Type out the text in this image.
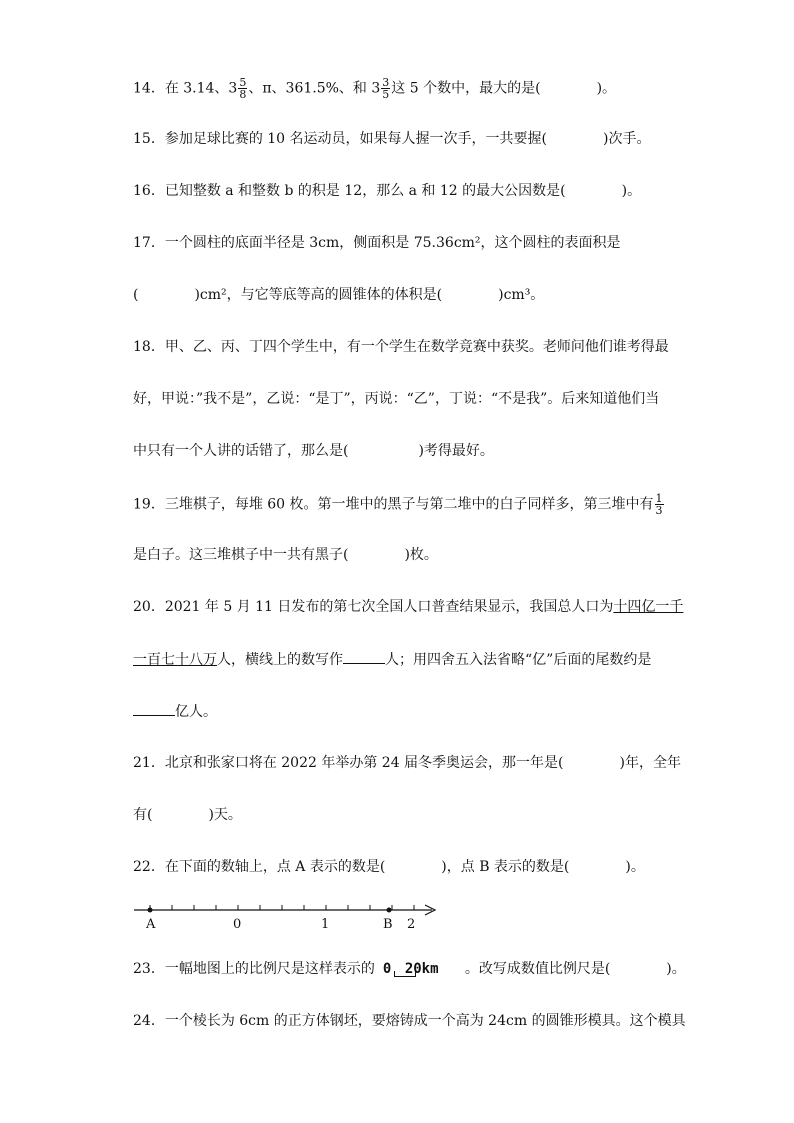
14．在 3.14、$3 \frac{5}{8}$ 、π、361.5%、和 $3 \frac{3}{5}$ 这 5 个数中，最大的是(　　　　)。
15．参加足球比赛的 10 名运动员，如果每人握一次手，一共要握(　　　　)次手。
16．已知整数 a 和整数 b 的积是 12，那么 a 和 12 的最大公因数是(　　　　)。
17．一个圆柱的底面半径是 3cm，侧面积是 75.36cm²，这个圆柱的表面积是
(　　　　)cm²，与它等底等高的圆锥体的体积是(　　　　)cm³。
18．甲、乙、丙、丁四个学生中，有一个学生在数学竞赛中获奖。老师问他们谁考得最
好，甲说：”我不是”，乙说：“是丁”，丙说：“乙”，丁说：“不是我”。后来知道他们当
中只有一个人讲的话错了，那么是(　　　　　)考得最好。
19．三堆棋子，每堆 60 枚。第一堆中的黑子与第二堆中的白子同样多，第三堆中有 $\frac{1}{3}$
是白子。这三堆棋子中一共有黑子(　　　　)枚。
20．2021 年 5 月 11 日发布的第七次全国人口普查结果显示，我国总人口为十四亿一千
一百七十八万人，横线上的数写作	人；用四舍五入法省略“亿”后面的尾数约是
亿人。
21．北京和张家口将在 2022 年举办第 24 届冬季奥运会，那一年是(　　　　)年，全年
有(　　　　)天。
22．在下面的数轴上，点 A 表示的数是(　　　　)，点 B 表示的数是(　　　　)。
A	0	1	B 2
23．一幅地图上的比例尺是这样表示的 0 20km 。改写成数值比例尺是(　　　　)。
24．一个棱长为 6cm 的正方体钢坯，要熔铸成一个高为 24cm 的圆锥形模具。这个模具
